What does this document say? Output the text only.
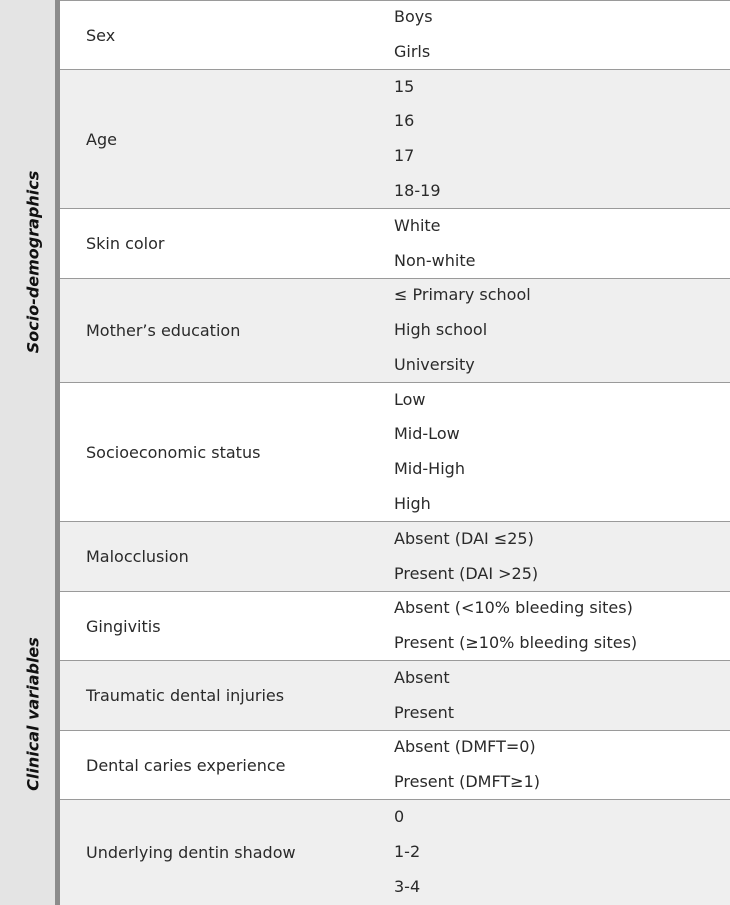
Socio-demographics
Clinical variables
Sex
Boys
Girls
Age
15
16
17
18-19
Skin color
White
Non-white
Mother’s education
≤ Primary school
High school
University
Socioeconomic status
Low
Mid-Low
Mid-High
High
Malocclusion
Absent (DAI ≤25)
Present (DAI >25)
Gingivitis
Absent (<10% bleeding sites)
Present (≥10% bleeding sites)
Traumatic dental injuries
Absent
Present
Dental caries experience
Absent (DMFT=0)
Present (DMFT≥1)
Underlying dentin shadow
0
1-2
3-4
